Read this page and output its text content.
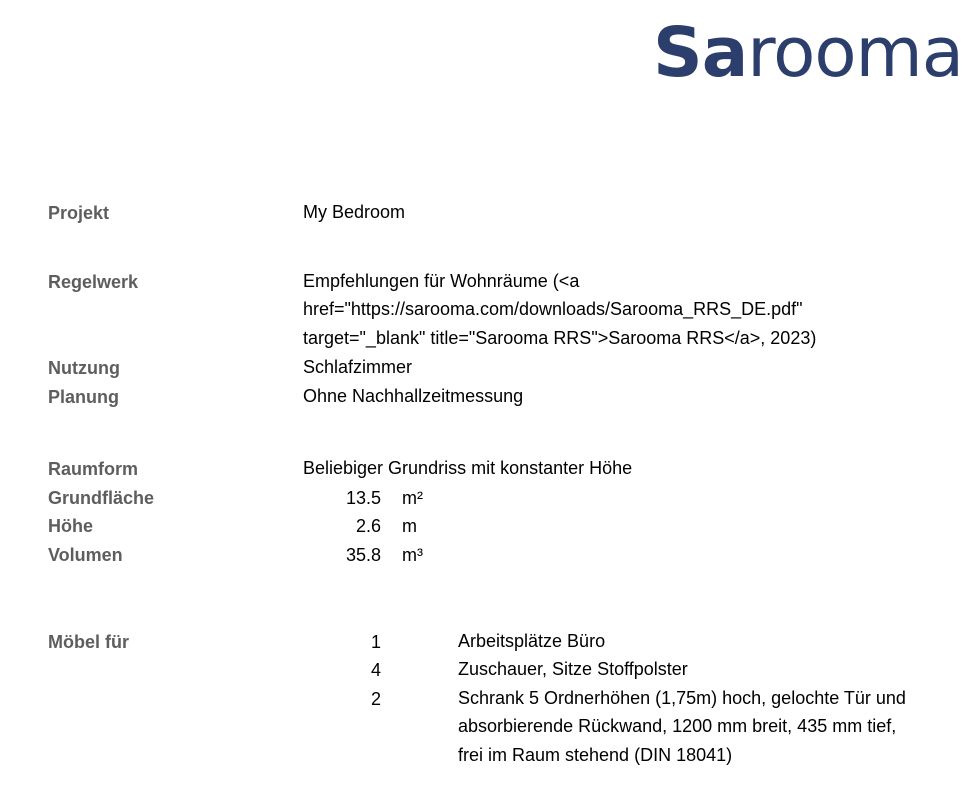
Sarooma
Projekt	My Bedroom
Regelwerk	Empfehlungen für Wohnräume (<a href="https://sarooma.com/downloads/Sarooma_RRS_DE.pdf" target="_blank" title="Sarooma RRS">Sarooma RRS</a>, 2023)
Nutzung	Schlafzimmer
Planung	Ohne Nachhallzeitmessung
Raumform	Beliebiger Grundriss mit konstanter Höhe
Grundfläche	13.5 m²
Höhe	2.6 m
Volumen	35.8 m³
Möbel für	1	Arbeitsplätze Büro
4	Zuschauer, Sitze Stoffpolster
2	Schrank 5 Ordnerhöhen (1,75m) hoch, gelochte Tür und absorbierende Rückwand, 1200 mm breit, 435 mm tief, frei im Raum stehend (DIN 18041)
